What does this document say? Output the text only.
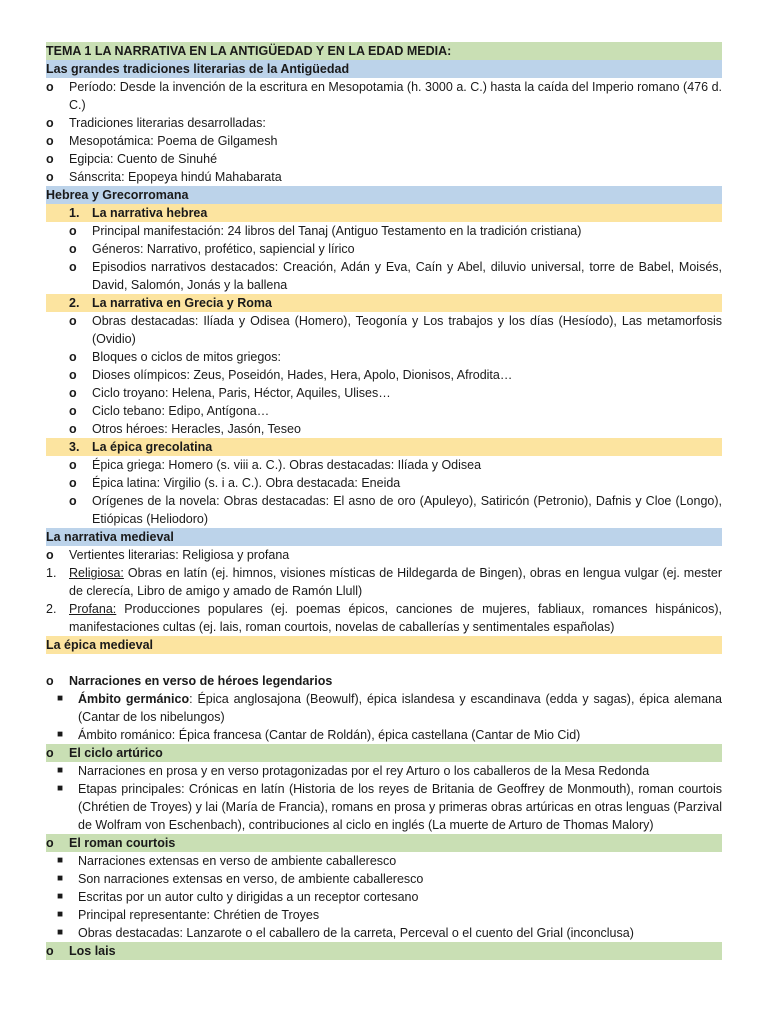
TEMA 1 LA NARRATIVA EN LA ANTIGÜEDAD Y EN LA EDAD MEDIA:
Las grandes tradiciones literarias de la Antigüedad
o	Período: Desde la invención de la escritura en Mesopotamia (h. 3000 a. C.) hasta la caída del Imperio romano (476 d. C.)
o	Tradiciones literarias desarrolladas:
o	Mesopotámica: Poema de Gilgamesh
o	Egipcia: Cuento de Sinuhé
o	Sánscrita: Epopeya hindú Mahabarata
Hebrea y Grecorromana
1. La narrativa hebrea
o	Principal manifestación: 24 libros del Tanaj (Antiguo Testamento en la tradición cristiana)
o	Géneros: Narrativo, profético, sapiencial y lírico
o	Episodios narrativos destacados: Creación, Adán y Eva, Caín y Abel, diluvio universal, torre de Babel, Moisés, David, Salomón, Jonás y la ballena
2. La narrativa en Grecia y Roma
o	Obras destacadas: Ilíada y Odisea (Homero), Teogonía y Los trabajos y los días (Hesíodo), Las metamorfosis (Ovidio)
o	Bloques o ciclos de mitos griegos:
o	Dioses olímpicos: Zeus, Poseidón, Hades, Hera, Apolo, Dionisos, Afrodita…
o	Ciclo troyano: Helena, Paris, Héctor, Aquiles, Ulises…
o	Ciclo tebano: Edipo, Antígona…
o	Otros héroes: Heracles, Jasón, Teseo
3. La épica grecolatina
o	Épica griega: Homero (s. viii a. C.). Obras destacadas: Ilíada y Odisea
o	Épica latina: Virgilio (s. i a. C.). Obra destacada: Eneida
o	Orígenes de la novela: Obras destacadas: El asno de oro (Apuleyo), Satiricón (Petronio), Dafnis y Cloe (Longo), Etiópicas (Heliodoro)
La narrativa medieval
o	Vertientes literarias: Religiosa y profana
1. Religiosa: Obras en latín (ej. himnos, visiones místicas de Hildegarda de Bingen), obras en lengua vulgar (ej. mester de clerecía, Libro de amigo y amado de Ramón Llull)
2. Profana: Producciones populares (ej. poemas épicos, canciones de mujeres, fabliaux, romances hispánicos), manifestaciones cultas (ej. lais, roman courtois, novelas de caballerías y sentimentales españolas)
La épica medieval
o	Narraciones en verso de héroes legendarios
■	Ámbito germánico: Épica anglosajona (Beowulf), épica islandesa y escandinava (edda y sagas), épica alemana (Cantar de los nibelungos)
■	Ámbito románico: Épica francesa (Cantar de Roldán), épica castellana (Cantar de Mio Cid)
o	El ciclo artúrico
■	Narraciones en prosa y en verso protagonizadas por el rey Arturo o los caballeros de la Mesa Redonda
■	Etapas principales: Crónicas en latín (Historia de los reyes de Britania de Geoffrey de Monmouth), roman courtois (Chrétien de Troyes) y lai (María de Francia), romans en prosa y primeras obras artúricas en otras lenguas (Parzival de Wolfram von Eschenbach), contribuciones al ciclo en inglés (La muerte de Arturo de Thomas Malory)
o	El roman courtois
■	Narraciones extensas en verso de ambiente caballeresco
■	Son narraciones extensas en verso, de ambiente caballeresco
■	Escritas por un autor culto y dirigidas a un receptor cortesano
■	Principal representante: Chrétien de Troyes
■	Obras destacadas: Lanzarote o el caballero de la carreta, Perceval o el cuento del Grial (inconclusa)
o	Los lais
